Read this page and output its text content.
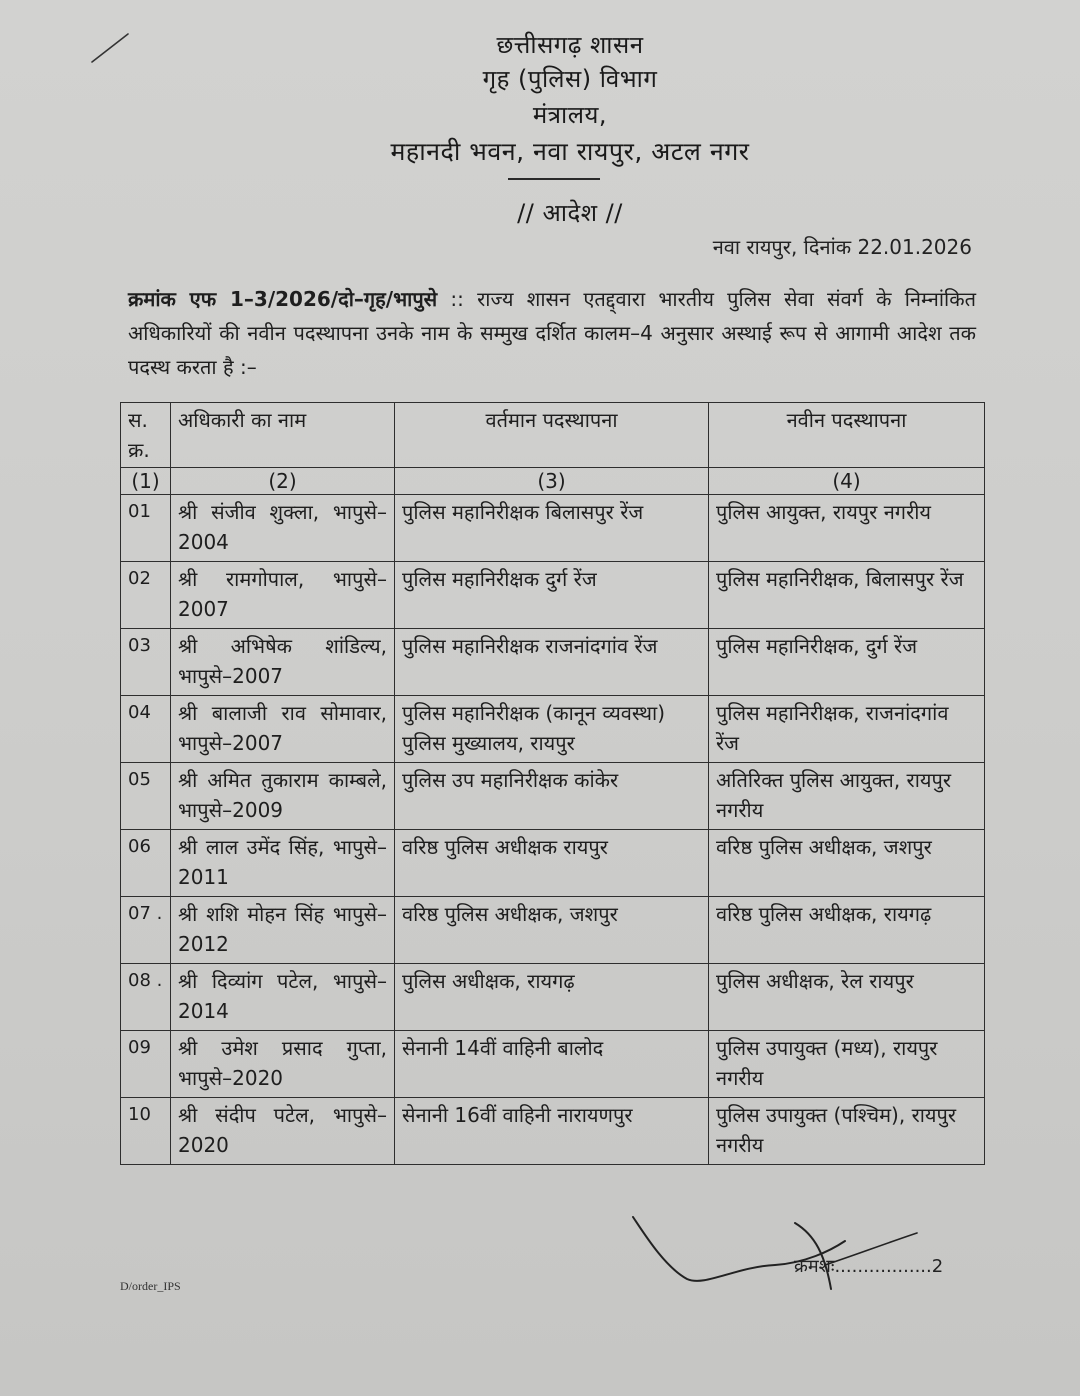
छत्तीसगढ़ शासन
गृह (पुलिस) विभाग
मंत्रालय,
महानदी भवन, नवा रायपुर, अटल नगर
// आदेश //
नवा रायपुर, दिनांक 22.01.2026
क्रमांक एफ 1–3/2026/दो–गृह/भापुसे :: राज्य शासन एतद्द्वारा भारतीय पुलिस सेवा संवर्ग के निम्नांकित अधिकारियों की नवीन पदस्थापना उनके नाम के सम्मुख दर्शित कालम–4 अनुसार अस्थाई रूप से आगामी आदेश तक पदस्थ करता है :–
स. क्र.	अधिकारी का नाम	वर्तमान पदस्थापना	नवीन पदस्थापना
(1)	(2)	(3)	(4)
01	श्री संजीव शुक्ला, भापुसे–2004	पुलिस महानिरीक्षक बिलासपुर रेंज	पुलिस आयुक्त, रायपुर नगरीय
02	श्री रामगोपाल, भापुसे–2007	पुलिस महानिरीक्षक दुर्ग रेंज	पुलिस महानिरीक्षक, बिलासपुर रेंज
03	श्री अभिषेक शांडिल्य, भापुसे–2007	पुलिस महानिरीक्षक राजनांदगांव रेंज	पुलिस महानिरीक्षक, दुर्ग रेंज
04	श्री बालाजी राव सोमावार, भापुसे–2007	पुलिस महानिरीक्षक (कानून व्यवस्था) पुलिस मुख्यालय, रायपुर	पुलिस महानिरीक्षक, राजनांदगांव रेंज
05	श्री अमित तुकाराम काम्बले, भापुसे–2009	पुलिस उप महानिरीक्षक कांकेर	अतिरिक्त पुलिस आयुक्त, रायपुर नगरीय
06	श्री लाल उमेंद सिंह, भापुसे–2011	वरिष्ठ पुलिस अधीक्षक रायपुर	वरिष्ठ पुलिस अधीक्षक, जशपुर
07 .	श्री शशि मोहन सिंह भापुसे– 2012	वरिष्ठ पुलिस अधीक्षक, जशपुर	वरिष्ठ पुलिस अधीक्षक, रायगढ़
08 .	श्री दिव्यांग पटेल, भापुसे–2014	पुलिस अधीक्षक, रायगढ़	पुलिस अधीक्षक, रेल रायपुर
09	श्री उमेश प्रसाद गुप्ता, भापुसे–2020	सेनानी 14वीं वाहिनी बालोद	पुलिस उपायुक्त (मध्य), रायपुर नगरीय
10	श्री संदीप पटेल, भापुसे–2020	सेनानी 16वीं वाहिनी नारायणपुर	पुलिस उपायुक्त (पश्चिम), रायपुर नगरीय
क्रमशः.................2
D/order_IPS
